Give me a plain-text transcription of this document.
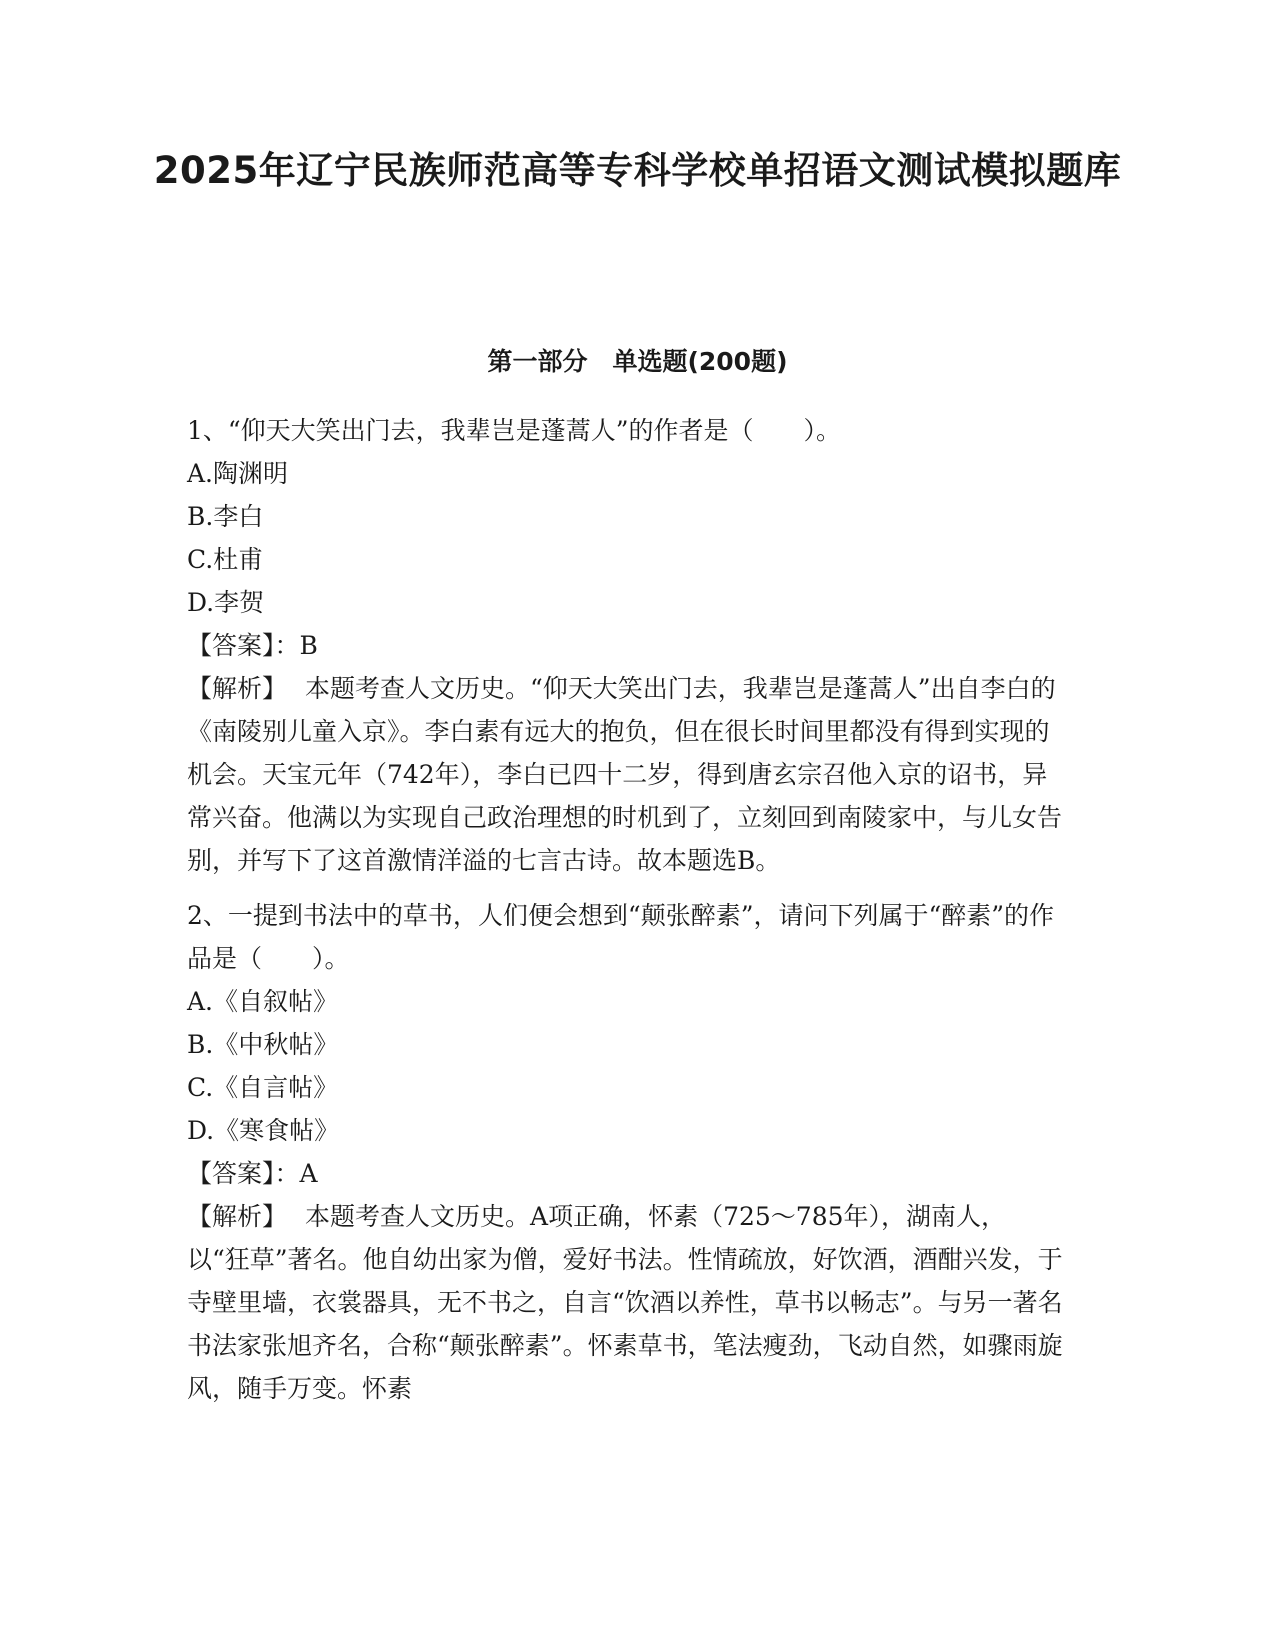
2025年辽宁民族师范高等专科学校单招语文测试模拟题库
第一部分　单选题(200题)

1、“仰天大笑出门去，我辈岂是蓬蒿人”的作者是（　　）。

A.陶渊明

B.李白

C.杜甫

D.李贺

【答案】：B

【解析】 本题考查人文历史。“仰天大笑出门去，我辈岂是蓬蒿人”出自李白的《南陵别儿童入京》。李白素有远大的抱负，但在很长时间里都没有得到实现的机会。天宝元年（742年），李白已四十二岁，得到唐玄宗召他入京的诏书，异常兴奋。他满以为实现自己政治理想的时机到了，立刻回到南陵家中，与儿女告别，并写下了这首激情洋溢的七言古诗。故本题选B。

2、一提到书法中的草书，人们便会想到“颠张醉素”，请问下列属于“醉素”的作品是（　　）。

A.《自叙帖》

B.《中秋帖》

C.《自言帖》

D.《寒食帖》

【答案】：A

【解析】 本题考查人文历史。A项正确，怀素（725～785年），湖南人，以“狂草”著名。他自幼出家为僧，爱好书法。性情疏放，好饮酒，酒酣兴发，于寺壁里墙，衣裳器具，无不书之，自言“饮酒以养性，草书以畅志”。与另一著名书法家张旭齐名，合称“颠张醉素”。怀素草书，笔法瘦劲，飞动自然，如骤雨旋风，随手万变。怀素
